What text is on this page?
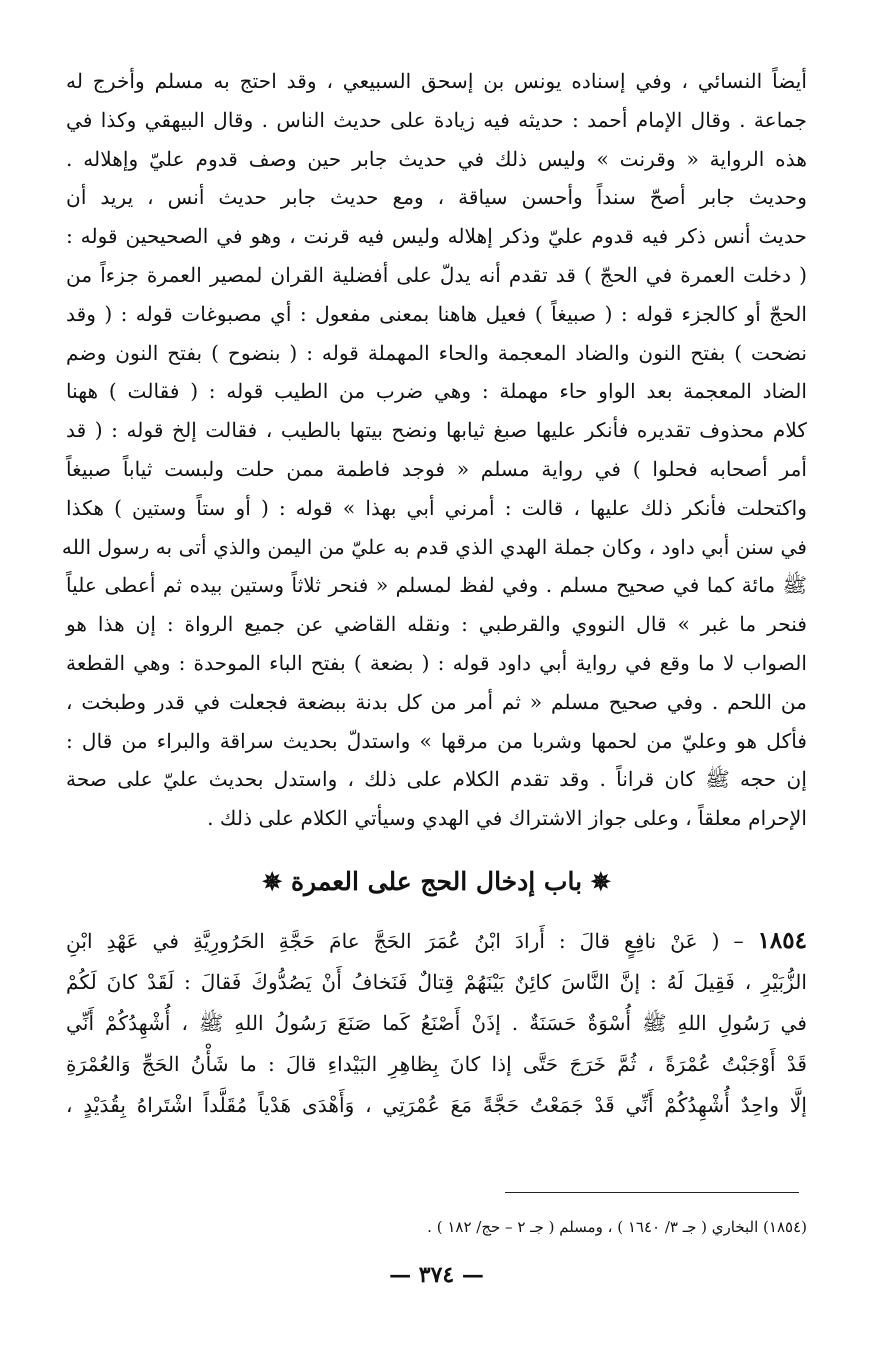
أيضاً النسائي ، وفي إسناده يونس بن إسحق السبيعي ، وقد احتج به مسلم وأخرج له
جماعة . وقال الإمام أحمد : حديثه فيه زيادة على حديث الناس . وقال البيهقي وكذا في
هذه الرواية « وقرنت » وليس ذلك في حديث جابر حين وصف قدوم عليّ وإهلاله .
وحديث جابر أصحّ سنداً وأحسن سياقة ، ومع حديث جابر حديث أنس ، يريد أن
حديث أنس ذكر فيه قدوم عليّ وذكر إهلاله وليس فيه قرنت ، وهو في الصحيحين قوله :
( دخلت العمرة في الحجّ ) قد تقدم أنه يدلّ على أفضلية القران لمصير العمرة جزءاً من
الحجّ أو كالجزء قوله : ( صبيغاً ) فعيل هاهنا بمعنى مفعول : أي مصبوغات قوله : ( وقد
نضحت ) بفتح النون والضاد المعجمة والحاء المهملة قوله : ( بنضوح ) بفتح النون وضم
الضاد المعجمة بعد الواو حاء مهملة : وهي ضرب من الطيب قوله : ( فقالت ) ههنا
كلام محذوف تقديره فأنكر عليها صبغ ثيابها ونضح بيتها بالطيب ، فقالت إلخ قوله : ( قد
أمر أصحابه فحلوا ) في رواية مسلم « فوجد فاطمة ممن حلت ولبست ثياباً صبيغاً
واكتحلت فأنكر ذلك عليها ، قالت : أمرني أبي بهذا » قوله : ( أو ستاً وستين ) هكذا
في سنن أبي داود ، وكان جملة الهدي الذي قدم به عليّ من اليمن والذي أتى به رسول الله
ﷺ مائة كما في صحيح مسلم . وفي لفظ لمسلم « فنحر ثلاثاً وستين بيده ثم أعطى علياً
فنحر ما غبر » قال النووي والقرطبي : ونقله القاضي عن جميع الرواة : إن هذا هو
الصواب لا ما وقع في رواية أبي داود قوله : ( بضعة ) بفتح الباء الموحدة : وهي القطعة
من اللحم . وفي صحيح مسلم « ثم أمر من كل بدنة ببضعة فجعلت في قدر وطبخت ،
فأكل هو وعليّ من لحمها وشربا من مرقها » واستدلّ بحديث سراقة والبراء من قال :
إن حجه ﷺ كان قراناً . وقد تقدم الكلام على ذلك ، واستدل بحديث عليّ على صحة
الإحرام معلقاً ، وعلى جواز الاشتراك في الهدي وسيأتي الكلام على ذلك .
✵ باب إدخال الحج على العمرة ✵
١٨٥٤ – ( عَنْ نافِعٍ قالَ : أَرادَ ابْنُ عُمَرَ الحَجَّ عامَ حَجَّةِ الحَرُورِيَّةِ في عَهْدِ ابْنِ
الزُّبَيْرِ ، فَقِيلَ لَهُ : إنَّ النَّاسَ كائِنٌ بَيْنَهُمْ قِتالٌ فَنَخافُ أَنْ يَصُدُّوكَ فَقالَ : لَقَدْ كانَ لَكُمْ
في رَسُولِ اللهِ ﷺ أُسْوَةٌ حَسَنَةٌ . إذَنْ أَصْنَعُ كَما صَنَعَ رَسُولُ اللهِ ﷺ ، أُشْهِدُكُمْ أَنِّي
قَدْ أَوْجَبْتُ عُمْرَةً ، ثُمَّ خَرَجَ حَتَّى إذا كانَ بِظاهِرِ البَيْداءِ قالَ : ما شَأْنُ الحَجِّ وَالعُمْرَةِ
إلَّا واحِدٌ أُشْهِدُكُمْ أَنِّي قَدْ جَمَعْتُ حَجَّةً مَعَ عُمْرَتِي ، وَأَهْدَى هَدْياً مُقَلَّداً اشْتَراهُ بِقُدَيْدٍ ،
(١٨٥٤) البخاري ( جـ ٣/ ١٦٤٠ ) ، ومسلم ( جـ ٢ – حج/ ١٨٢ ) .
— ٣٧٤ —
